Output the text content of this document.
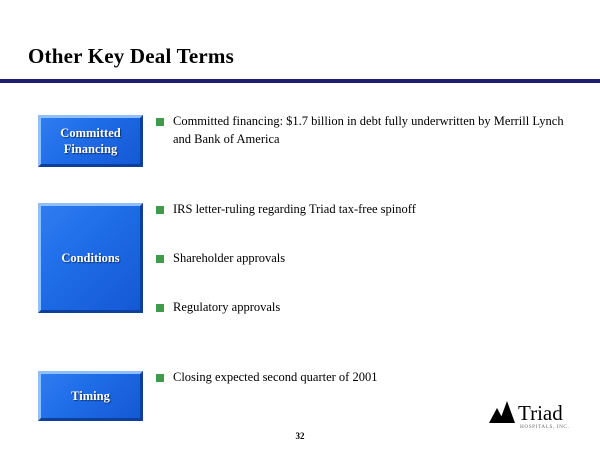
Other Key Deal Terms
Committed Financing
Conditions
Timing
Committed financing: $1.7 billion in debt fully underwritten by Merrill Lynch and Bank of America
IRS letter-ruling regarding Triad tax-free spinoff
Shareholder approvals
Regulatory approvals
Closing expected second quarter of 2001
32
Triad
HOSPITALS, INC.
